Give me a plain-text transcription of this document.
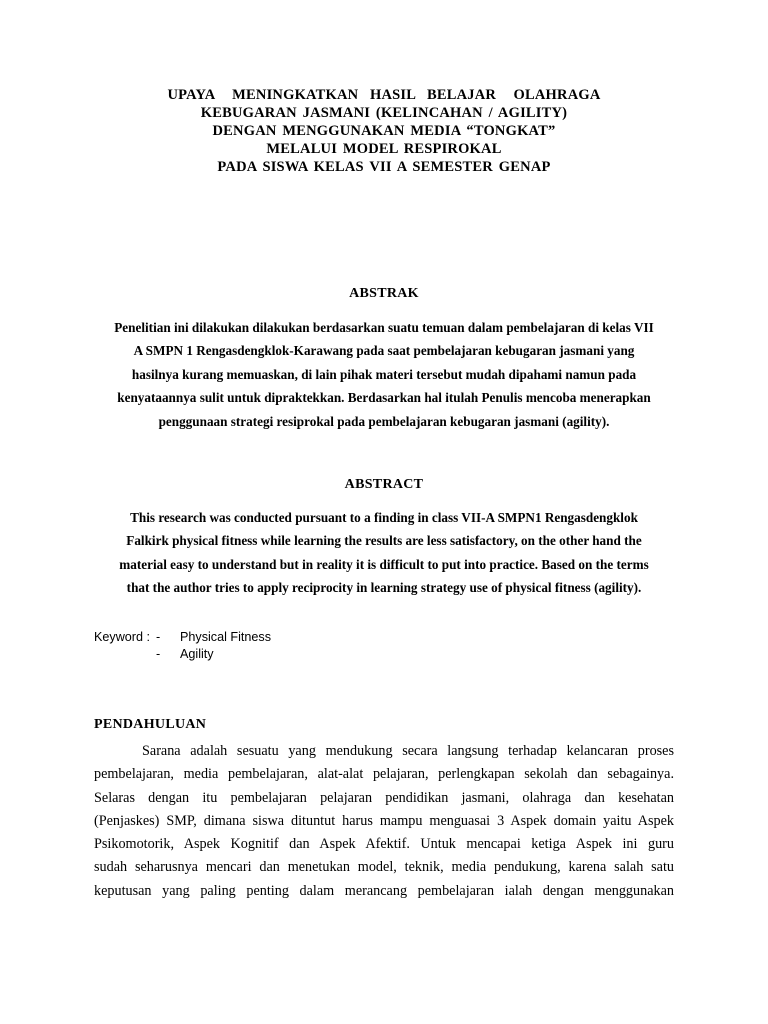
UPAYA   MENINGKATKAN  HASIL  BELAJAR   OLAHRAGA
KEBUGARAN JASMANI (KELINCAHAN / AGILITY)
DENGAN MENGGUNAKAN MEDIA “TONGKAT”
MELALUI MODEL RESPIROKAL
PADA SISWA KELAS VII A SEMESTER GENAP
ABSTRAK
Penelitian ini dilakukan dilakukan berdasarkan suatu temuan dalam pembelajaran di kelas VII
A SMPN 1 Rengasdengklok-Karawang pada saat pembelajaran kebugaran jasmani yang
hasilnya kurang memuaskan, di lain pihak materi tersebut mudah dipahami namun pada
kenyataannya sulit untuk dipraktekkan. Berdasarkan hal itulah Penulis mencoba menerapkan
penggunaan strategi resiprokal pada pembelajaran kebugaran jasmani (agility).
ABSTRACT
This research was conducted pursuant to a finding in class VII-A SMPN1 Rengasdengklok
Falkirk physical fitness while learning the results are less satisfactory, on the other hand the
material easy to understand but in reality it is difficult to put into practice. Based on the terms
that the author tries to apply reciprocity in learning strategy use of physical fitness (agility).
Keyword : -	Physical Fitness
-	Agility
PENDAHULUAN
Sarana adalah sesuatu yang mendukung secara langsung terhadap kelancaran proses
pembelajaran, media pembelajaran, alat-alat pelajaran, perlengkapan sekolah dan sebagainya.
Selaras dengan itu pembelajaran pelajaran pendidikan jasmani, olahraga dan kesehatan
(Penjaskes) SMP, dimana siswa dituntut harus mampu menguasai 3 Aspek domain yaitu Aspek
Psikomotorik, Aspek Kognitif dan Aspek Afektif. Untuk mencapai ketiga Aspek ini guru
sudah seharusnya mencari dan menetukan model, teknik, media pendukung, karena salah satu
keputusan yang paling penting dalam merancang pembelajaran ialah dengan menggunakan
